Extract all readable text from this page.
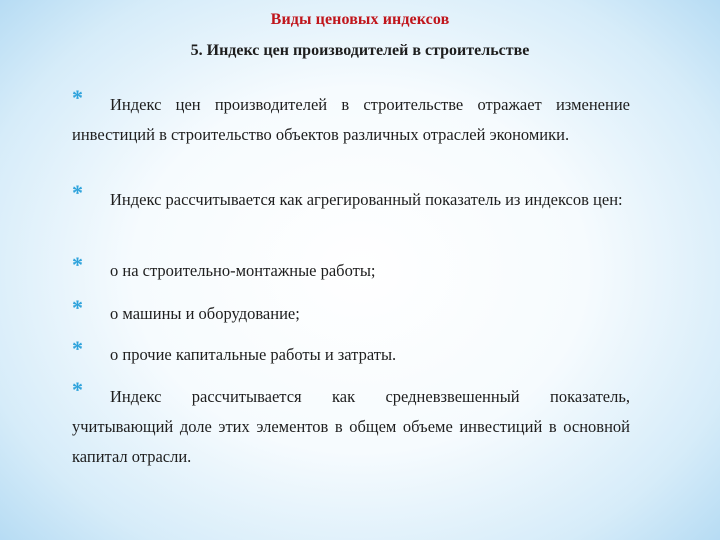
Виды ценовых индексов
5. Индекс цен производителей в строительстве
* Индекс цен производителей в строительстве отражает изменение инвестиций в строительство объектов различных отраслей экономики.
* Индекс рассчитывается как агрегированный показатель из индексов цен:
* о на строительно-монтажные работы;
* о машины и оборудование;
* о прочие капитальные работы и затраты.
* Индекс рассчитывается как средневзвешенный показатель, учитывающий доле этих элементов в общем объеме инвестиций в основной капитал отрасли.
